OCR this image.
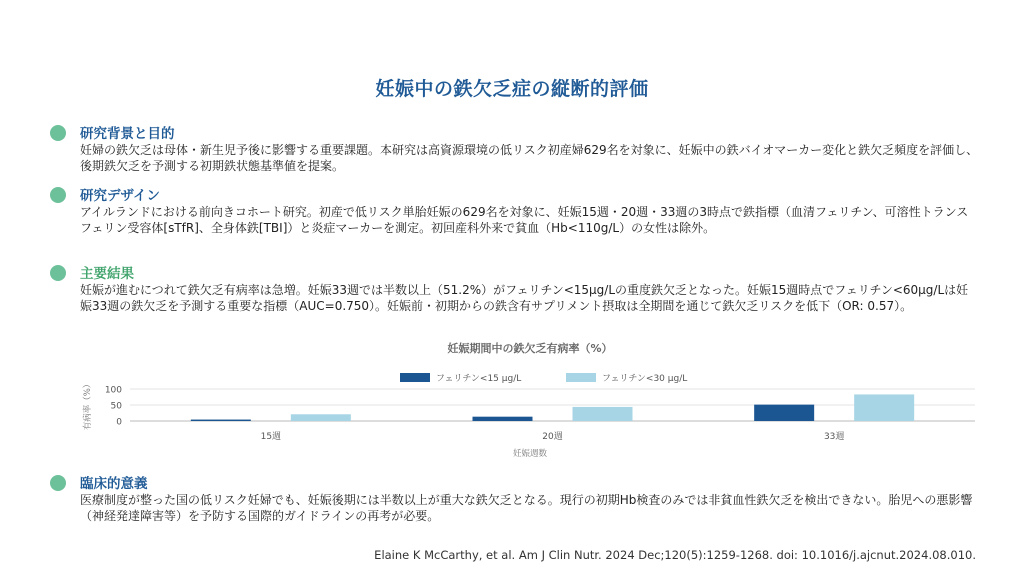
妊娠中の鉄欠乏症の縦断的評価
研究背景と目的
妊婦の鉄欠乏は母体・新生児予後に影響する重要課題。本研究は高資源環境の低リスク初産婦629名を対象に、妊娠中の鉄バイオマーカー変化と鉄欠乏頻度を評価し、後期鉄欠乏を予測する初期鉄状態基準値を提案。
研究デザイン
アイルランドにおける前向きコホート研究。初産で低リスク単胎妊娠の629名を対象に、妊娠15週・20週・33週の3時点で鉄指標（血清フェリチン、可溶性トランスフェリン受容体[sTfR]、全身体鉄[TBI]）と炎症マーカーを測定。初回産科外来で貧血（Hb<110g/L）の女性は除外。
主要結果
妊娠が進むにつれて鉄欠乏有病率は急増。妊娠33週では半数以上（51.2%）がフェリチン<15μg/Lの重度鉄欠乏となった。妊娠15週時点でフェリチン<60μg/Lは妊娠33週の鉄欠乏を予測する重要な指標（AUC=0.750）。妊娠前・初期からの鉄含有サプリメント摂取は全期間を通じて鉄欠乏リスクを低下（OR: 0.57）。
妊娠期間中の鉄欠乏有病率（%）
フェリチン<15 μg/L	フェリチン<30 μg/L
0
50
100
有病率（%）
15週	20週	33週
妊娠週数
臨床的意義
医療制度が整った国の低リスク妊婦でも、妊娠後期には半数以上が重大な鉄欠乏となる。現行の初期Hb検査のみでは非貧血性鉄欠乏を検出できない。胎児への悪影響（神経発達障害等）を予防する国際的ガイドラインの再考が必要。
Elaine K McCarthy, et al. Am J Clin Nutr. 2024 Dec;120(5):1259-1268. doi: 10.1016/j.ajcnut.2024.08.010.
